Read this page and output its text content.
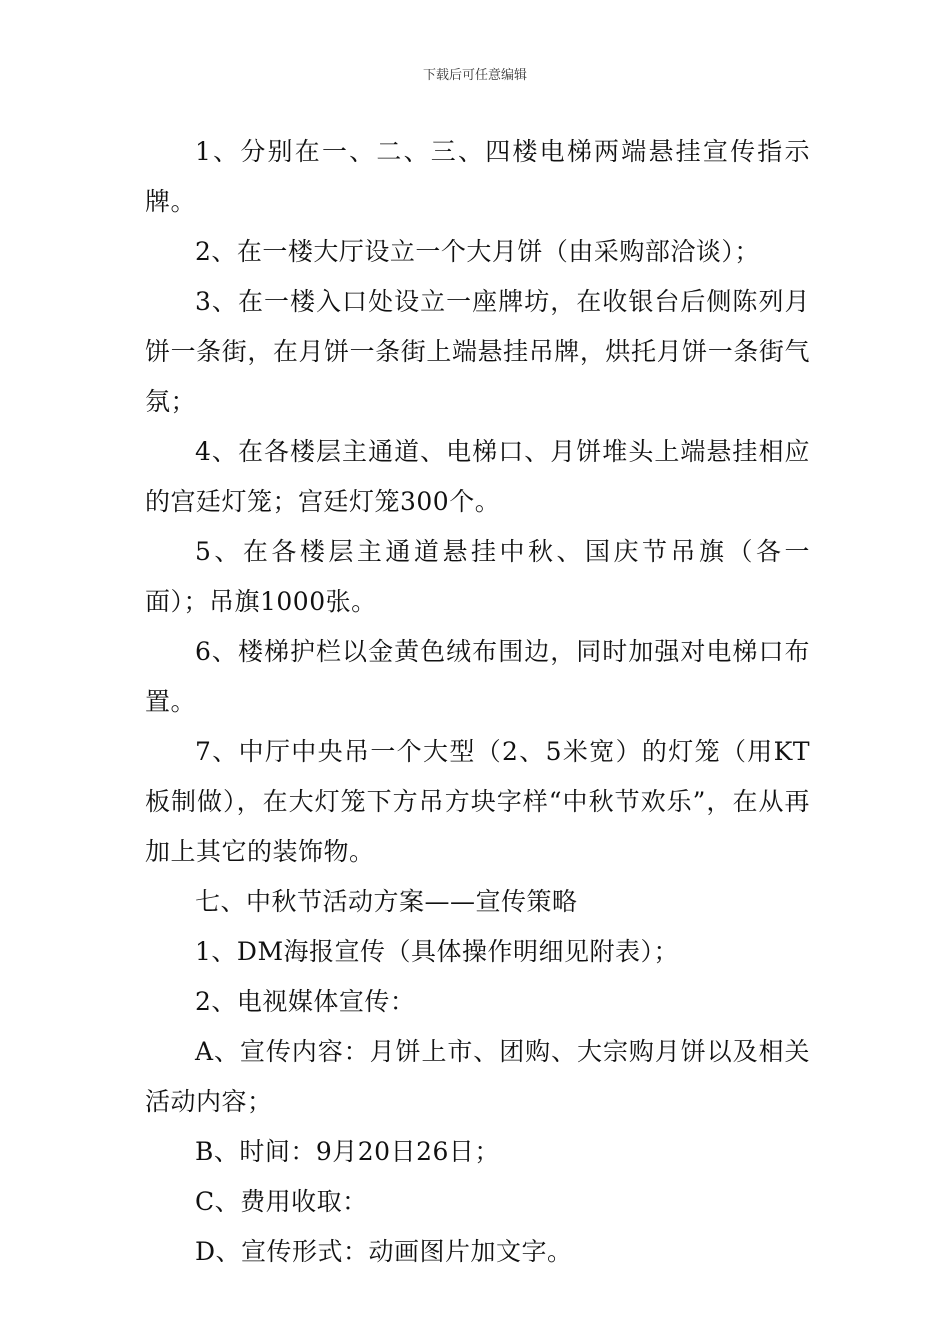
下载后可任意编辑

1、分别在一、二、三、四楼电梯两端悬挂宣传指示牌。

2、在一楼大厅设立一个大月饼（由采购部洽谈）；

3、在一楼入口处设立一座牌坊，在收银台后侧陈列月饼一条街，在月饼一条街上端悬挂吊牌，烘托月饼一条街气氛；

4、在各楼层主通道、电梯口、月饼堆头上端悬挂相应的宫廷灯笼；宫廷灯笼300个。

5、在各楼层主通道悬挂中秋、国庆节吊旗（各一面）；吊旗1000张。

6、楼梯护栏以金黄色绒布围边，同时加强对电梯口布置。

7、中厅中央吊一个大型（2、5米宽）的灯笼（用KT板制做），在大灯笼下方吊方块字样“中秋节欢乐”，在从再加上其它的装饰物。

七、中秋节活动方案——宣传策略

1、DM海报宣传（具体操作明细见附表）；

2、电视媒体宣传：

A、宣传内容：月饼上市、团购、大宗购月饼以及相关活动内容；

B、时间：9月20日26日；

C、费用收取：

D、宣传形式：动画图片加文字。
